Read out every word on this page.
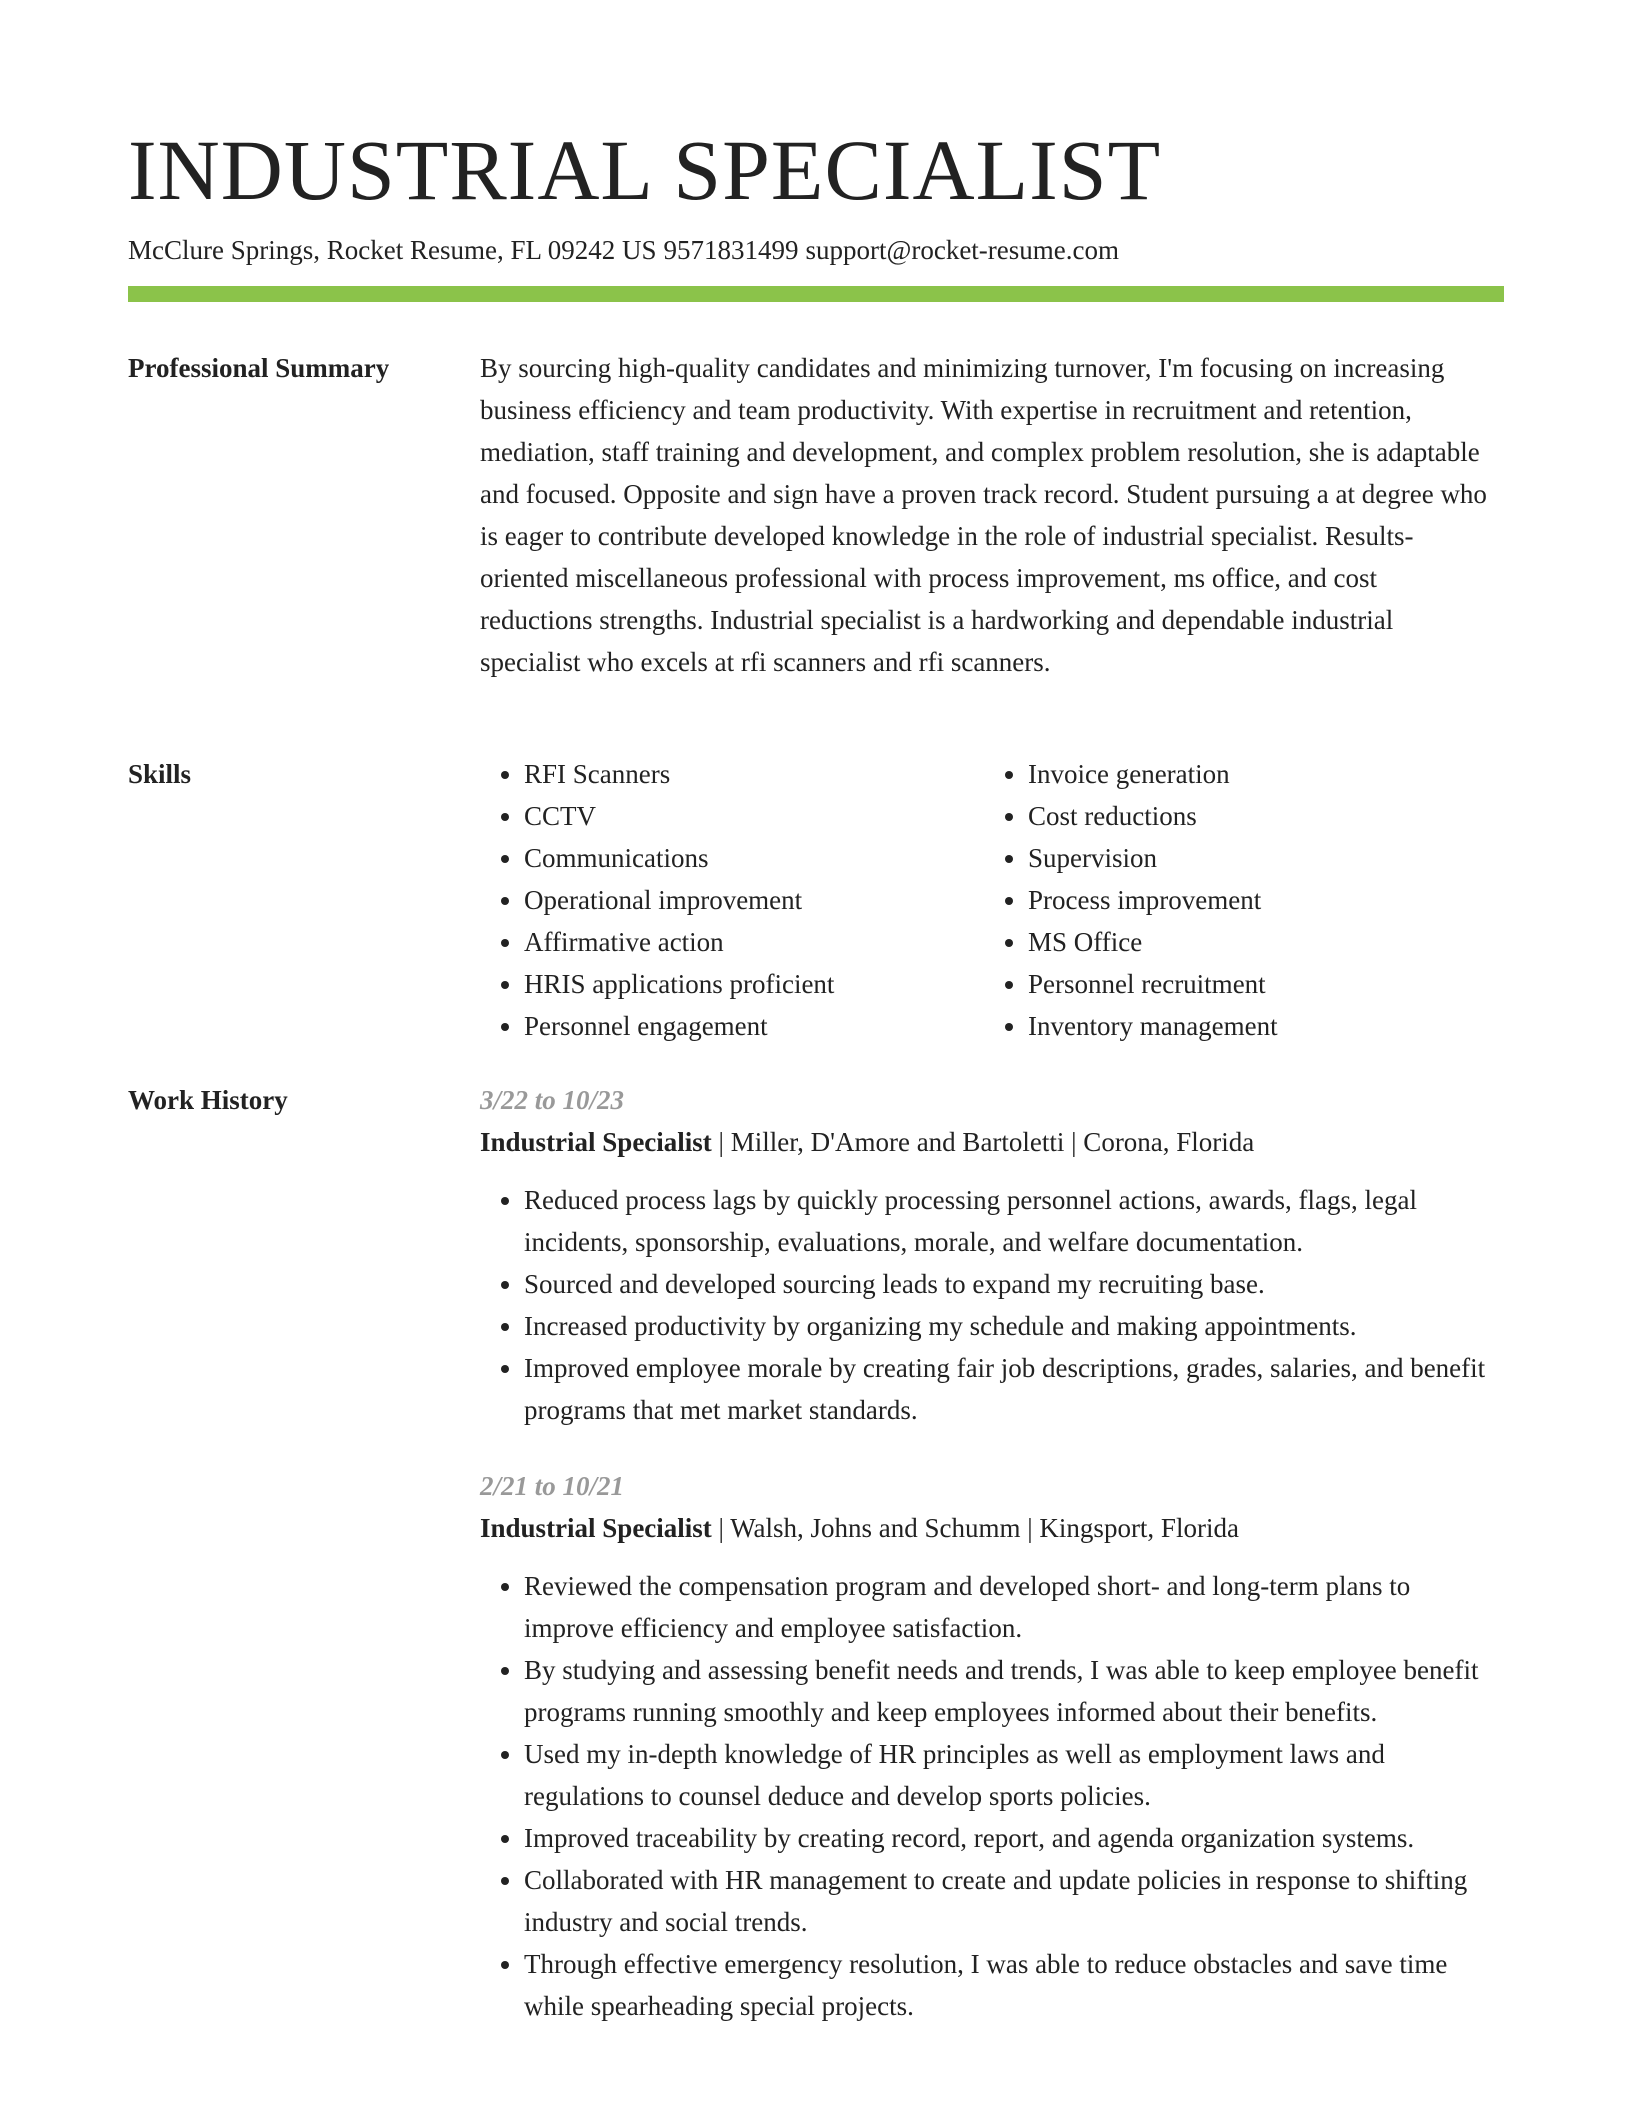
INDUSTRIAL SPECIALIST
McClure Springs, Rocket Resume, FL 09242 US 9571831499 support@rocket-resume.com
Professional Summary	By sourcing high-quality candidates and minimizing turnover, I'm focusing on increasing business efficiency and team productivity. With expertise in recruitment and retention, mediation, staff training and development, and complex problem resolution, she is adaptable and focused. Opposite and sign have a proven track record. Student pursuing a at degree who is eager to contribute developed knowledge in the role of industrial specialist. Results-oriented miscellaneous professional with process improvement, ms office, and cost reductions strengths. Industrial specialist is a hardworking and dependable industrial specialist who excels at rfi scanners and rfi scanners.

Skills
•	RFI Scanners
• CCTV
• Communications
• Operational improvement
• Affirmative action
• HRIS applications proficient
• Personnel engagement
• Invoice generation
• Cost reductions
• Supervision
• Process improvement
• MS Office
• Personnel recruitment
• Inventory management
Work History	3/22 to 10/23
Industrial Specialist | Miller, D'Amore and Bartoletti | Corona, Florida
• Reduced process lags by quickly processing personnel actions, awards, flags, legal incidents, sponsorship, evaluations, morale, and welfare documentation.
• Sourced and developed sourcing leads to expand my recruiting base.
• Increased productivity by organizing my schedule and making appointments.
• Improved employee morale by creating fair job descriptions, grades, salaries, and benefit programs that met market standards.
2/21 to 10/21
Industrial Specialist | Walsh, Johns and Schumm | Kingsport, Florida
• Reviewed the compensation program and developed short- and long-term plans to improve efficiency and employee satisfaction.
• By studying and assessing benefit needs and trends, I was able to keep employee benefit programs running smoothly and keep employees informed about their benefits.
• Used my in-depth knowledge of HR principles as well as employment laws and regulations to counsel deduce and develop sports policies.
• Improved traceability by creating record, report, and agenda organization systems.
• Collaborated with HR management to create and update policies in response to shifting industry and social trends.
• Through effective emergency resolution, I was able to reduce obstacles and save time while spearheading special projects.
